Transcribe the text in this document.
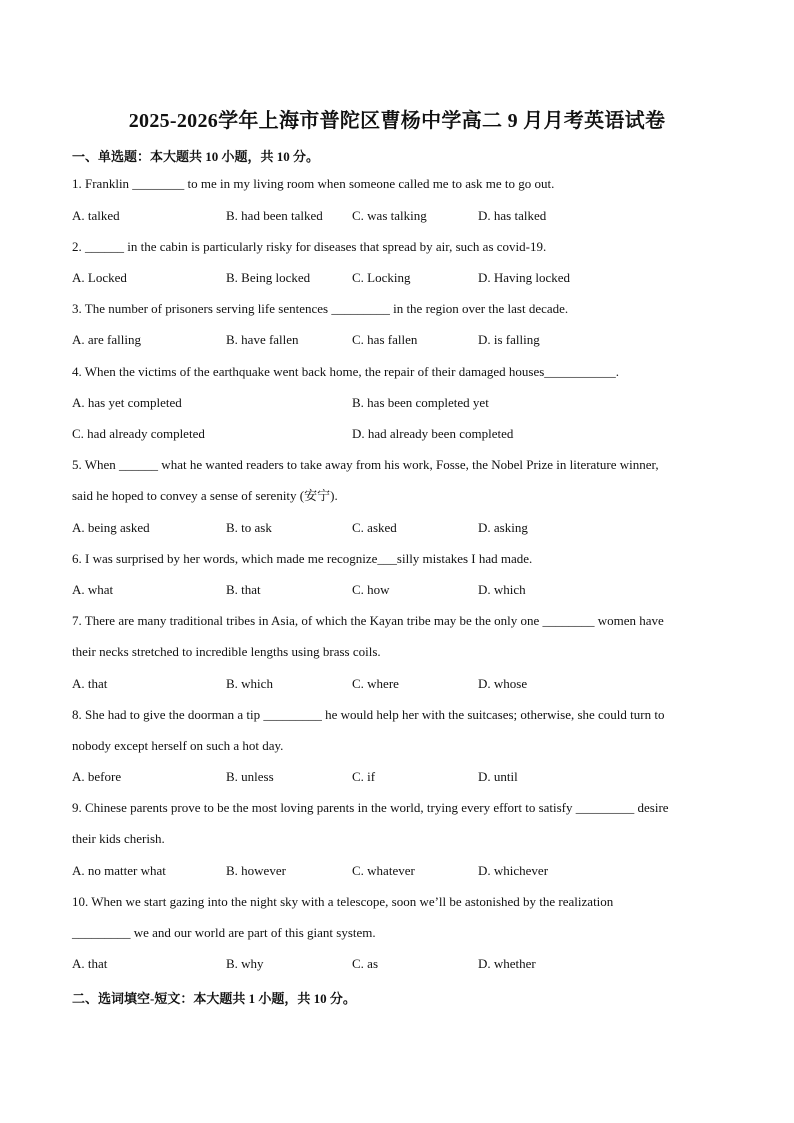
2025-2026学年上海市普陀区曹杨中学高二 9 月月考英语试卷
一、单选题：本大题共 10 小题，共 10 分。
1. Franklin ________ to me in my living room when someone called me to ask me to go out.
A. talked	B. had been talked C. was talking	D. has talked
2. ______ in the cabin is particularly risky for diseases that spread by air, such as covid-19.
A. Locked	B. Being locked	C. Locking	D. Having locked
3. The number of prisoners serving life sentences _________ in the region over the last decade.
A. are falling	B. have fallen	C. has fallen	D. is falling
4. When the victims of the earthquake went back home, the repair of their damaged houses___________.
A. has yet completed	B. has been completed yet
C. had already completed	D. had already been completed
5. When ______ what he wanted readers to take away from his work, Fosse, the Nobel Prize in literature winner,
said he hoped to convey a sense of serenity (安宁).
A. being asked	B. to ask	C. asked	D. asking
6. I was surprised by her words, which made me recognize___silly mistakes I had made.
A. what	B. that	C. how	D. which
7. There are many traditional tribes in Asia, of which the Kayan tribe may be the only one ________ women have
their necks stretched to incredible lengths using brass coils.
A. that	B. which	C. where	D. whose
8. She had to give the doorman a tip _________ he would help her with the suitcases; otherwise, she could turn to
nobody except herself on such a hot day.
A. before	B. unless	C. if	D. until
9. Chinese parents prove to be the most loving parents in the world, trying every effort to satisfy _________ desire
their kids cherish.
A. no matter what	B. however	C. whatever	D. whichever
10. When we start gazing into the night sky with a telescope, soon we’ll be astonished by the realization
_________ we and our world are part of this giant system.
A. that	B. why	C. as	D. whether
二、选词填空-短文：本大题共 1 小题，共 10 分。
